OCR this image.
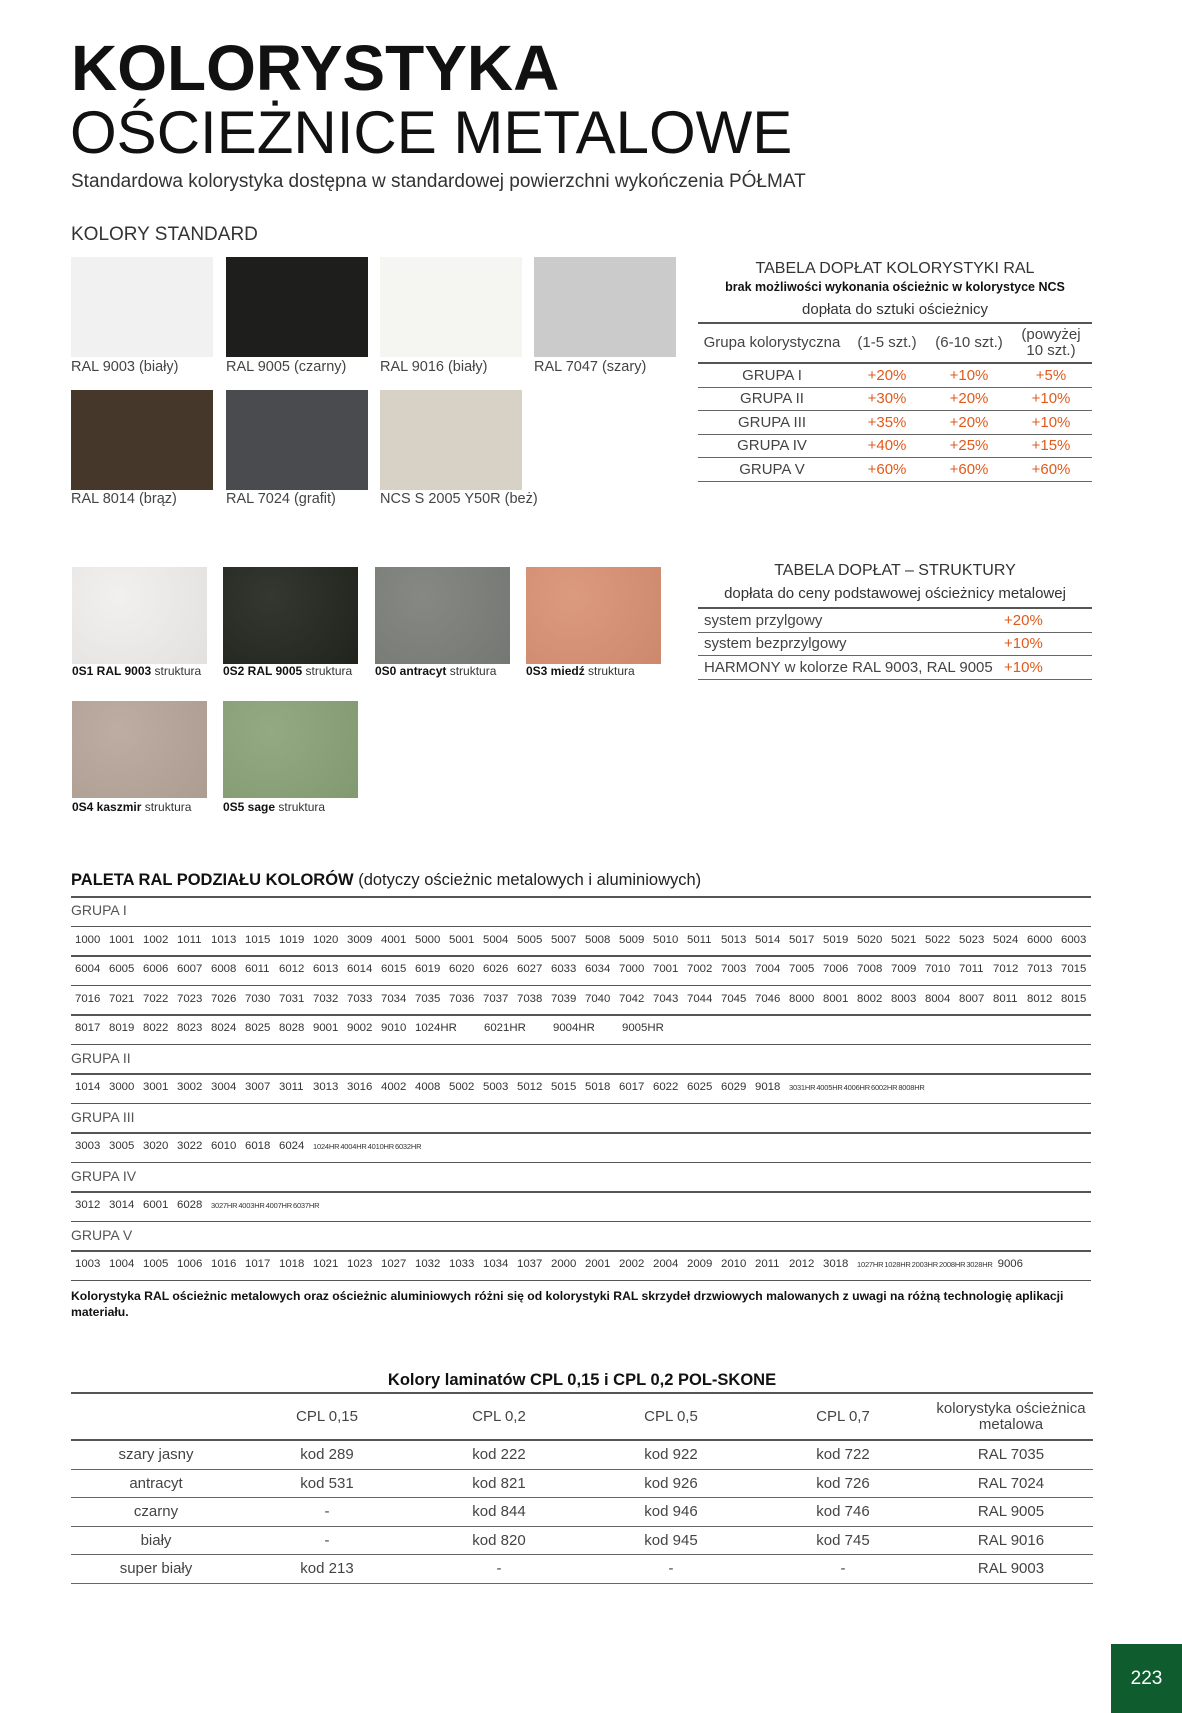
KOLORYSTYKA
OŚCIEŻNICE METALOWE
Standardowa kolorystyka dostępna w standardowej powierzchni wykończenia PÓŁMAT
KOLORY STANDARD
RAL 9003 (biały)	RAL 9005 (czarny) RAL 9016 (biały)	RAL 7047 (szary)
RAL 8014 (brąz)	RAL 7024 (grafit)	NCS S 2005 Y50R (beż)
TABELA DOPŁAT KOLORYSTYKI RAL
brak możliwości wykonania ościeżnic w kolorystyce NCS
dopłata do sztuki ościeżnicy
Grupa kolorystyczna	(1-5 szt.)	(6-10 szt.)	(powyżej
10 szt.)
GRUPA I	+20%	+10%	+5%
GRUPA II	+30%	+20%	+10%
GRUPA III	+35%	+20%	+10%
GRUPA IV	+40%	+25%	+15%
GRUPA V	+60%	+60%	+60%
0S1 RAL 9003 struktura 0S2 RAL 9005 struktura 0S0 antracyt struktura 0S3 miedź struktura
0S4 kaszmir struktura	0S5 sage struktura
TABELA DOPŁAT – STRUKTURY
dopłata do ceny podstawowej ościeżnicy metalowej
system przylgowy	+20%
system bezprzylgowy	+10%
HARMONY w kolorze RAL 9003, RAL 9005	+10%
PALETA RAL PODZIAŁU KOLORÓW (dotyczy ościeżnic metalowych i aluminiowych)
GRUPA I
1000 1001 1002 1011 1013 1015 1019 1020 3009 4001 5000 5001 5004 5005 5007 5008 5009 5010 5011 5013 5014 5017 5019 5020 5021 5022 5023 5024 6000 6003
6004 6005 6006 6007 6008 6011 6012 6013 6014 6015 6019 6020 6026 6027 6033 6034 7000 7001 7002 7003 7004 7005 7006 7008 7009 7010 7011 7012 7013 7015
7016 7021 7022 7023 7026 7030 7031 7032 7033 7034 7035 7036 7037 7038 7039 7040 7042 7043 7044 7045 7046 8000 8001 8002 8003 8004 8007 8011 8012 8015
8017 8019 8022 8023 8024 8025 8028 9001 9002 9010 1024HR 6021HR 9004HR 9005HR
GRUPA II
1014 3000 3001 3002 3004 3007 3011 3013 3016 4002 4008 5002 5003 5012 5015 5018 6017 6022 6025 6029 9018 3031HR4005HR4006HR6002HR8008HR
GRUPA III
3003 3005 3020 3022 6010 6018 6024 1024HR4004HR4010HR6032HR
GRUPA IV
3012 3014 6001 6028 3027HR4003HR4007HR6037HR
GRUPA V
1003 1004 1005 1006 1016 1017 1018 1021 1023 1027 1032 1033 1034 1037 2000 2001 2002 2004 2009 2010 2011 2012 3018 1027HR1028HR2003HR2008HR3028HR 9006
Kolorystyka RAL ościeżnic metalowych oraz ościeżnic aluminiowych różni się od kolorystyki RAL skrzydeł drzwiowych malowanych z uwagi na różną technologię aplikacji materiału.
Kolory laminatów CPL 0,15 i CPL 0,2 POL-SKONE
	CPL 0,15	CPL 0,2	CPL 0,5	CPL 0,7	kolorystyka ościeżnica
metalowa
szary jasny	kod 289	kod 222	kod 922	kod 722	RAL 7035
antracyt	kod 531	kod 821	kod 926	kod 726	RAL 7024
czarny	-	kod 844	kod 946	kod 746	RAL 9005
biały	-	kod 820	kod 945	kod 745	RAL 9016
super biały	kod 213	-	-	-	RAL 9003
223
